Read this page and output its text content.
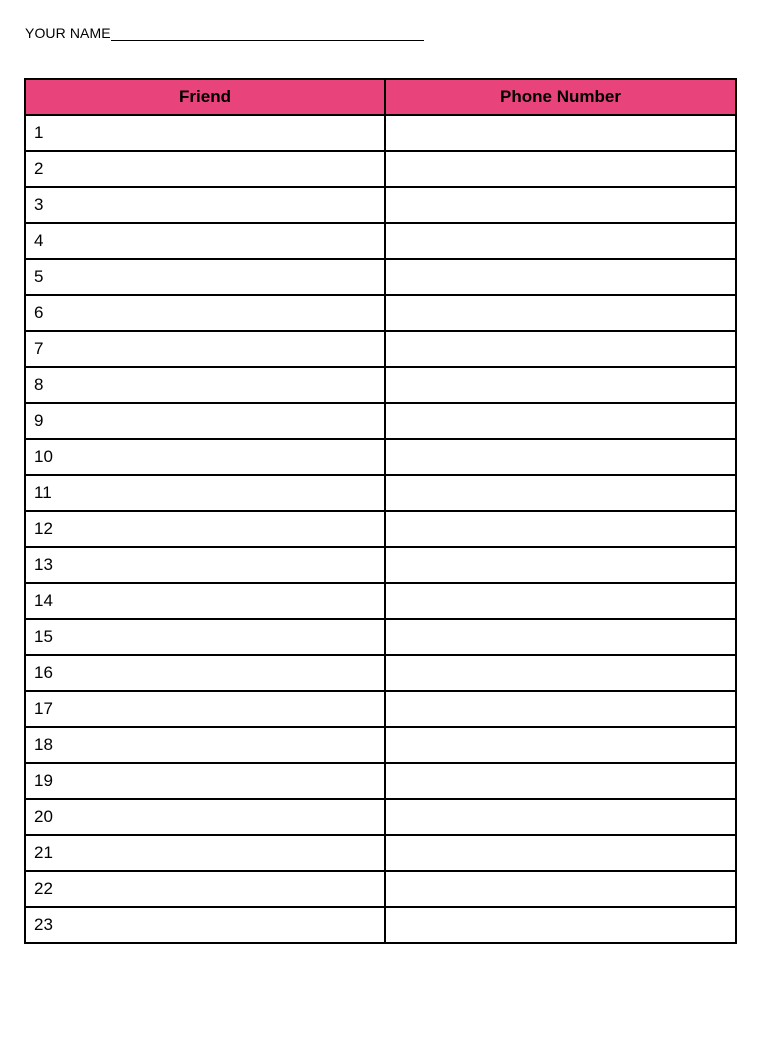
YOUR NAME
Friend	Phone Number
1	
2	
3	
4	
5	
6	
7	
8	
9	
10	
11	
12	
13	
14	
15	
16	
17	
18	
19	
20	
21	
22	
23	
